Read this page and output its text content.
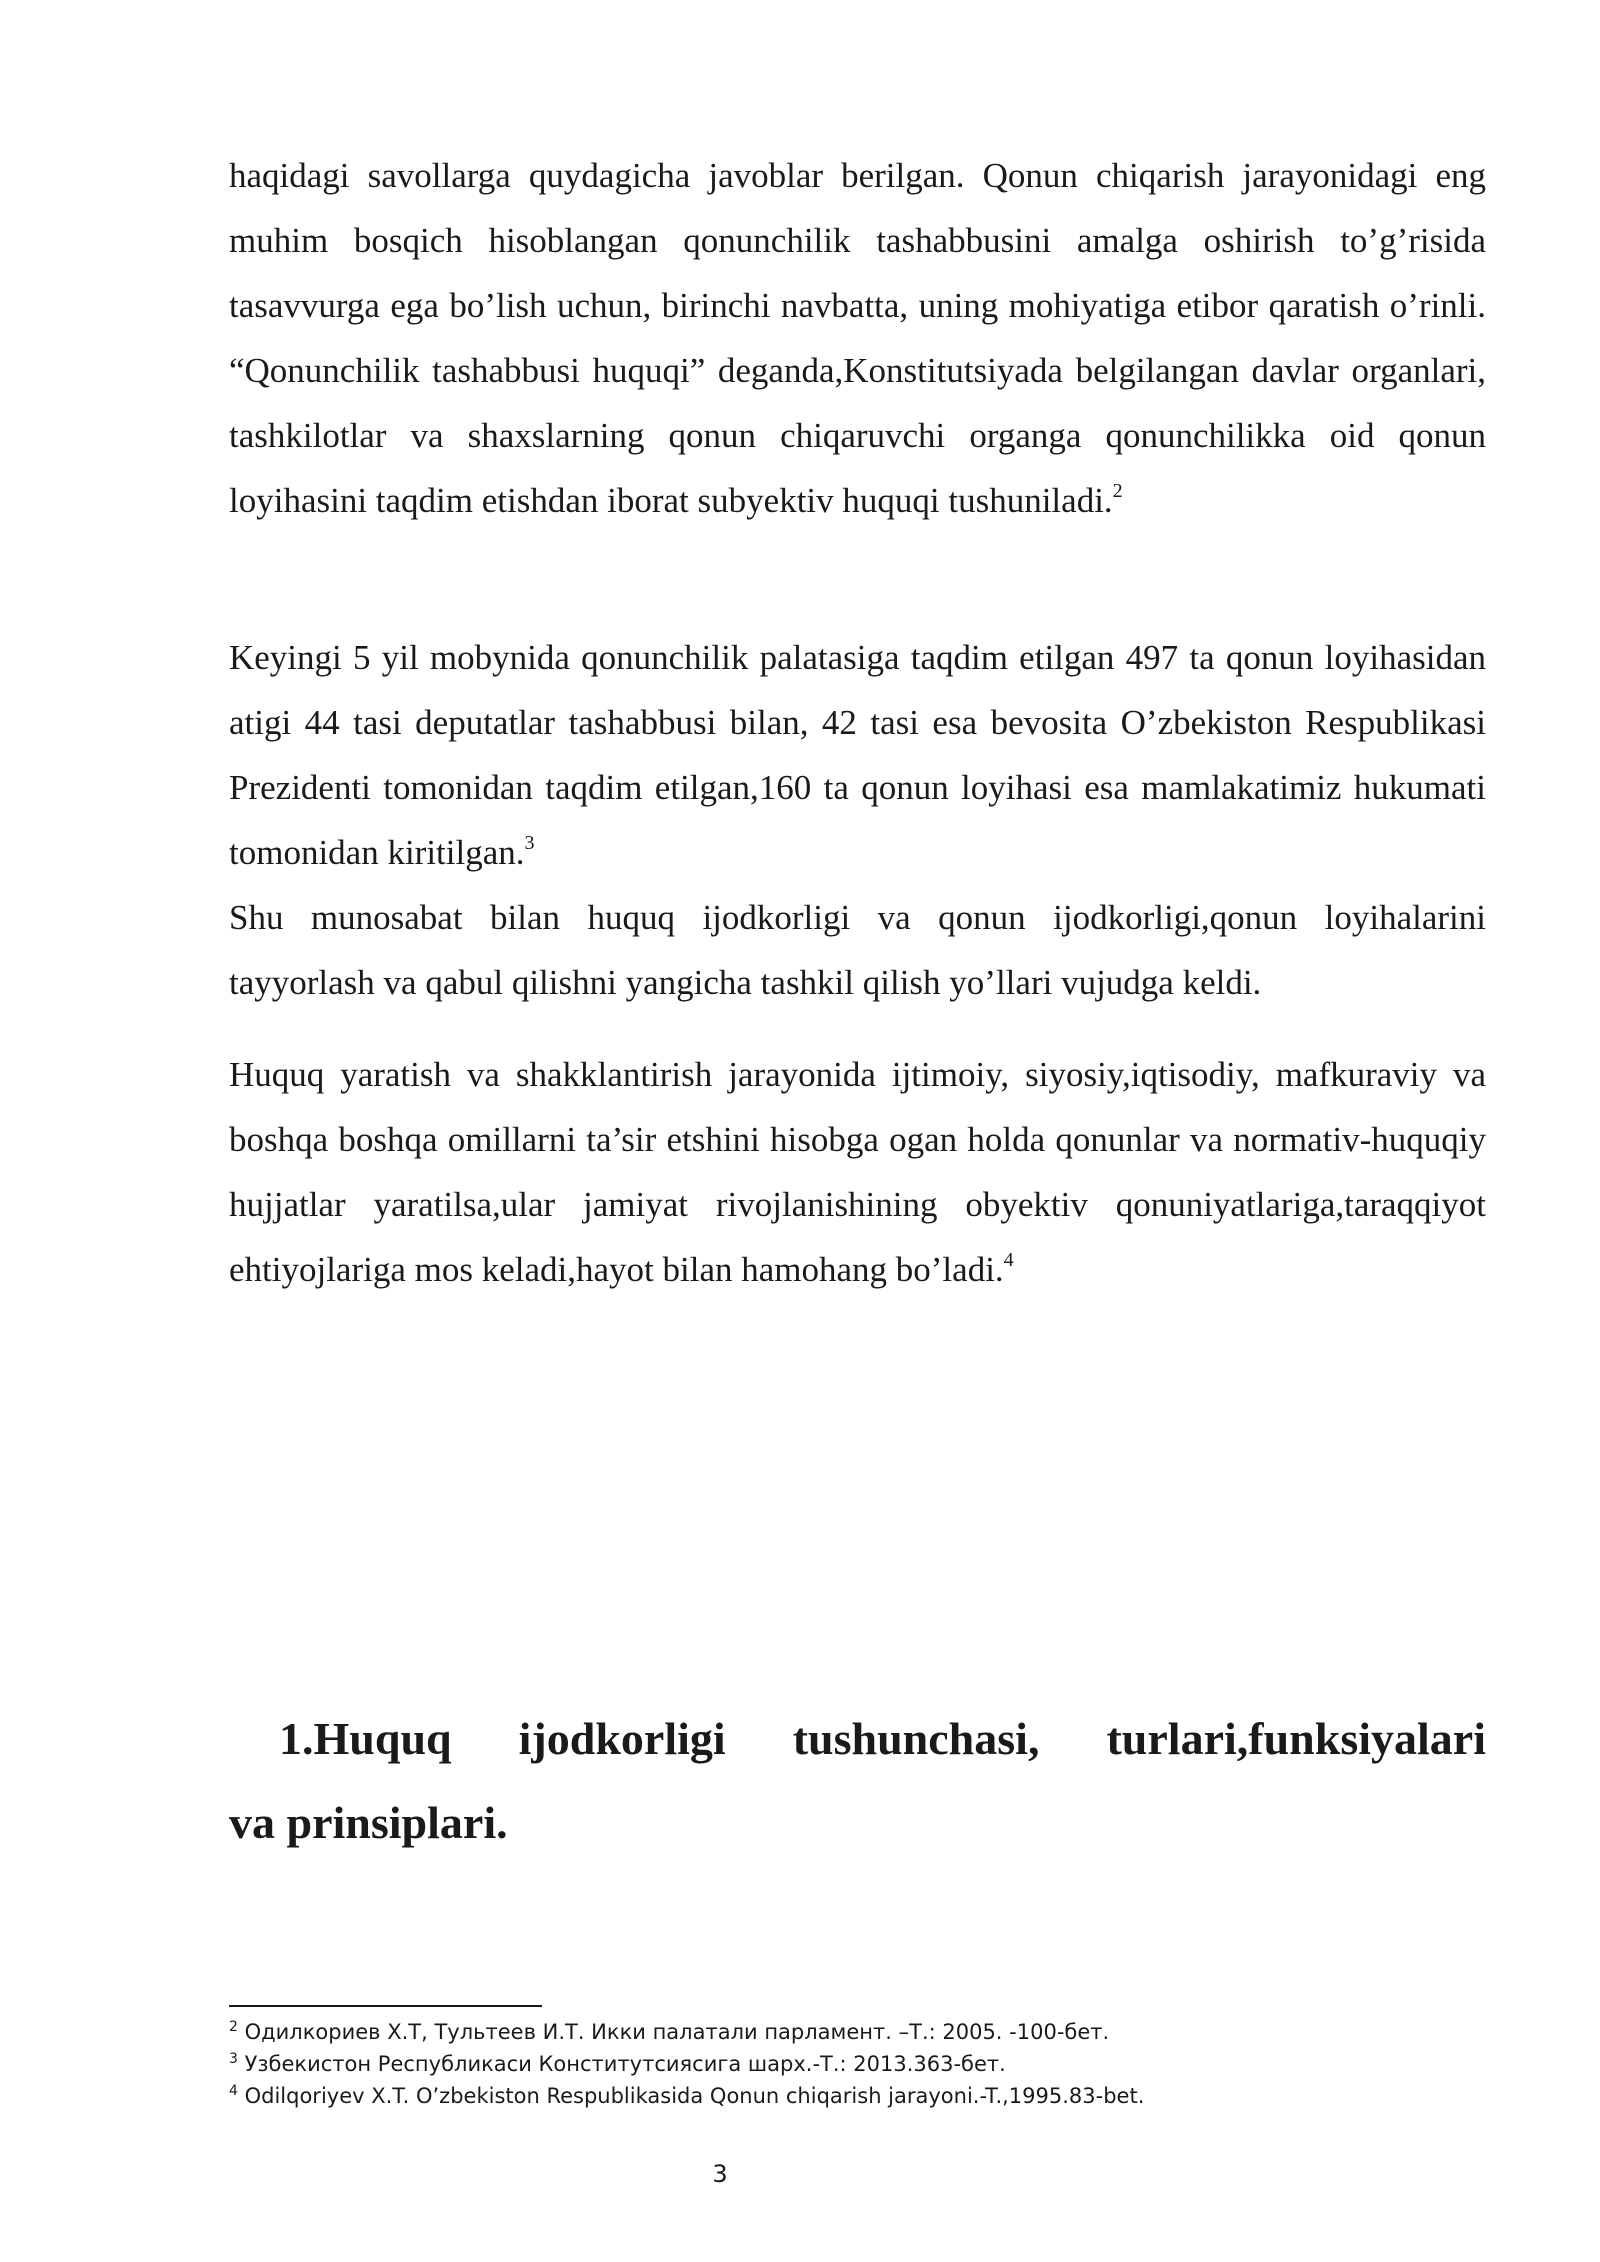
haqidagi savollarga quydagicha javoblar berilgan. Qonun chiqarish jarayonidagi eng muhim bosqich hisoblangan qonunchilik tashabbusini amalga oshirish to’g’risida tasavvurga ega bo’lish uchun, birinchi navbatta, uning mohiyatiga etibor qaratish o’rinli. “Qonunchilik tashabbusi huquqi” deganda,Konstitutsiyada belgilangan davlar organlari, tashkilotlar va shaxslarning qonun chiqaruvchi organga qonunchilikka oid qonun loyihasini taqdim etishdan iborat subyektiv huquqi tushuniladi.$^2$

Keyingi 5 yil mobynida qonunchilik palatasiga taqdim etilgan 497 ta qonun loyihasidan atigi 44 tasi deputatlar tashabbusi bilan, 42 tasi esa bevosita O’zbekiston Respublikasi Prezidenti tomonidan taqdim etilgan,160 ta qonun loyihasi esa mamlakatimiz hukumati tomonidan kiritilgan.$^3$
Shu munosabat bilan huquq ijodkorligi va qonun ijodkorligi,qonun loyihalarini tayyorlash va qabul qilishni yangicha tashkil qilish yo’llari vujudga keldi.

Huquq yaratish va shakklantirish jarayonida ijtimoiy, siyosiy,iqtisodiy, mafkuraviy va boshqa boshqa omillarni ta’sir etshini hisobga ogan holda qonunlar va normativ-huquqiy hujjatlar yaratilsa,ular jamiyat rivojlanishining obyektiv qonuniyatlariga,taraqqiyot ehtiyojlariga mos keladi,hayot bilan hamohang bo’ladi.$^4$

1.Huquq ijodkorligi tushunchasi, turlari,funksiyalari
va prinsiplari.
$^2$ Одилкориев Х.Т, Тультеев И.Т. Икки палатали парламент. –Т.: 2005. -100-бет.
$^3$ Узбекистон Республикаси Конститутсиясига шарх.-Т.: 2013.363-бет.
$^4$ Odilqoriyev X.T. O’zbekiston Respublikasida Qonun chiqarish jarayoni.-T.,1995.83-bet.
3
